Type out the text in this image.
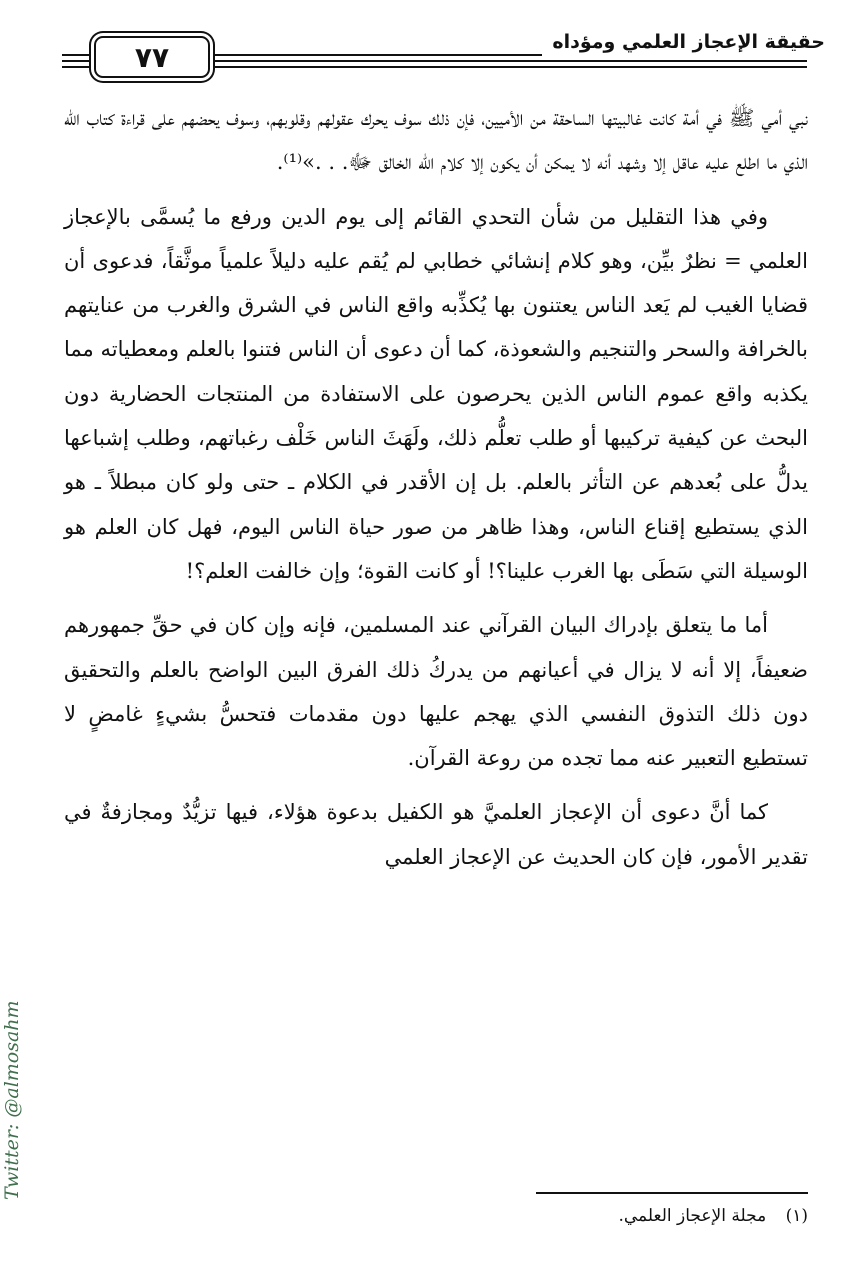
٧٧	حقيقة الإعجاز العلمي ومؤداه

نبي أمي ﷺ في أمة كانت غالبيتها الساحقة من الأميين، فإن ذلك سوف يحرك عقولهم وقلوبهم، وسوف يحضهم على قراءة كتاب الله الذي ما اطلع عليه عاقل إلا وشهد أنه لا يمكن أن يكون إلا كلام الله الخالق ﷻ. . .»⁽¹⁾.

وفي هذا التقليل من شأن التحدي القائم إلى يوم الدين ورفع ما يُسمَّى بالإعجاز العلمي = نظرٌ بيِّن، وهو كلام إنشائي خطابي لم يُقم عليه دليلاً علمياً موثَّقاً، فدعوى أن قضايا الغيب لم يَعد الناس يعتنون بها يُكذِّبه واقع الناس في الشرق والغرب من عنايتهم بالخرافة والسحر والتنجيم والشعوذة، كما أن دعوى أن الناس فتنوا بالعلم ومعطياته مما يكذبه واقع عموم الناس الذين يحرصون على الاستفادة من المنتجات الحضارية دون البحث عن كيفية تركيبها أو طلب تعلُّم ذلك، ولَهَثَ الناس خَلْف رغباتهم، وطلب إشباعها يدلُّ على بُعدهم عن التأثر بالعلم. بل إن الأقدر في الكلام ـ حتى ولو كان مبطلاً ـ هو الذي يستطيع إقناع الناس، وهذا ظاهر من صور حياة الناس اليوم، فهل كان العلم هو الوسيلة التي سَطَى بها الغرب علينا؟! أو كانت القوة؛ وإن خالفت العلم؟!

أما ما يتعلق بإدراك البيان القرآني عند المسلمين، فإنه وإن كان في حقِّ جمهورهم ضعيفاً، إلا أنه لا يزال في أعيانهم من يدركُ ذلك الفرق البين الواضح بالعلم والتحقيق دون ذلك التذوق النفسي الذي يهجم عليها دون مقدمات فتحسُّ بشيءٍ غامضٍ لا تستطيع التعبير عنه مما تجده من روعة القرآن.

كما أنَّ دعوى أن الإعجاز العلميَّ هو الكفيل بدعوة هؤلاء، فيها تزيُّدٌ ومجازفةٌ في تقدير الأمور، فإن كان الحديث عن الإعجاز العلمي

(١) مجلة الإعجاز العلمي.
Twitter: @almosahm
